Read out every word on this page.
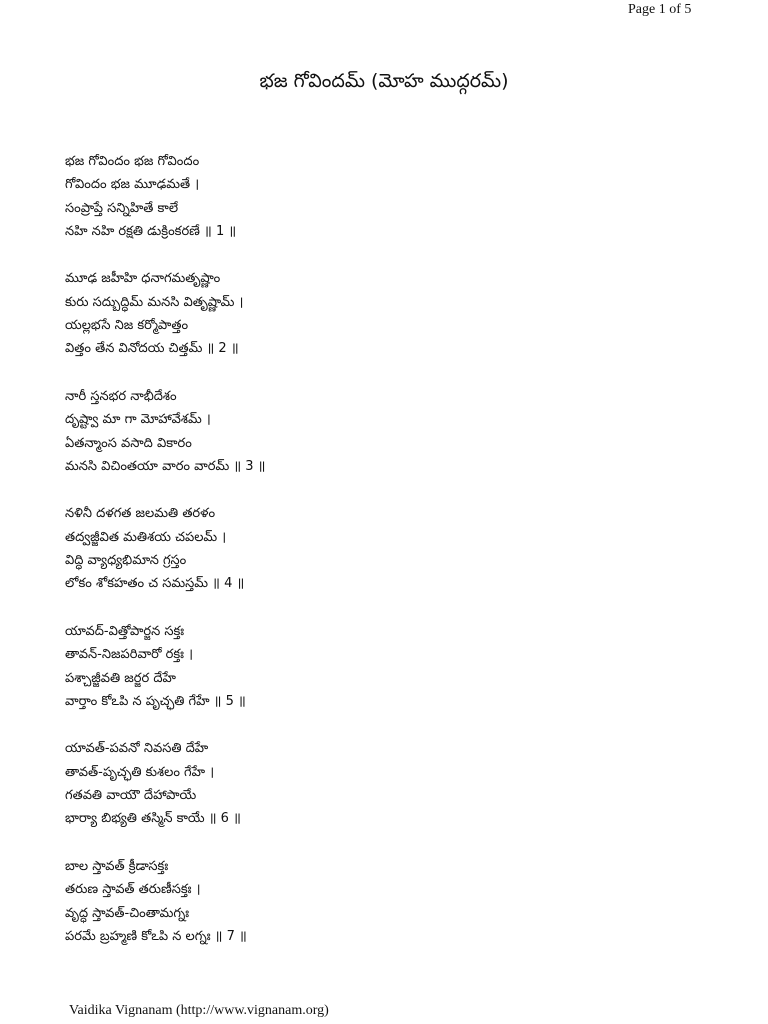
Page 1 of 5
భజ గోవిందమ్ (మోహ ముద్గరమ్)
భజ గోవిందం భజ గోవిందం
గోవిందం భజ మూఢమతే ।
సంప్రాప్తే సన్నిహితే కాలే
నహి నహి రక్షతి డుక్రింకరణే ॥ 1 ॥
మూఢ జహీహి ధనాగమతృష్ణాం
కురు సద్బుద్ధిమ్ మనసి వితృష్ణామ్ ।
యల్లభసే నిజ కర్మోపాత్తం
విత్తం తేన వినోదయ చిత్తమ్ ॥ 2 ॥
నారీ స్తనభర నాభీదేశం
దృష్ట్వా మా గా మోహావేశమ్ ।
ఏతన్మాంస వసాది వికారం
మనసి విచింతయా వారం వారమ్ ॥ 3 ॥
నళినీ దళగత జలమతి తరళం
తద్వజ్జీవిత మతిశయ చపలమ్ ।
విద్ధి వ్యాధ్యభిమాన గ్రస్తం
లోకం శోకహతం చ సమస్తమ్ ॥ 4 ॥
యావద్-విత్తోపార్జన సక్తః
తావన్-నిజపరివారో రక్తః ।
పశ్చాజ్జీవతి జర్జర దేహే
వార్తాం కోఽపి న పృచ్ఛతి గేహే ॥ 5 ॥
యావత్-పవనో నివసతి దేహే
తావత్-పృచ్ఛతి కుశలం గేహే ।
గతవతి వాయౌ దేహాపాయే
భార్యా బిభ్యతి తస్మిన్ కాయే ॥ 6 ॥
బాల స్తావత్ క్రీడాసక్తః
తరుణ స్తావత్ తరుణీసక్తః ।
వృద్ధ స్తావత్-చింతామగ్నః
పరమే బ్రహ్మణి కోఽపి న లగ్నః ॥ 7 ॥
Vaidika Vignanam (http://www.vignanam.org)
